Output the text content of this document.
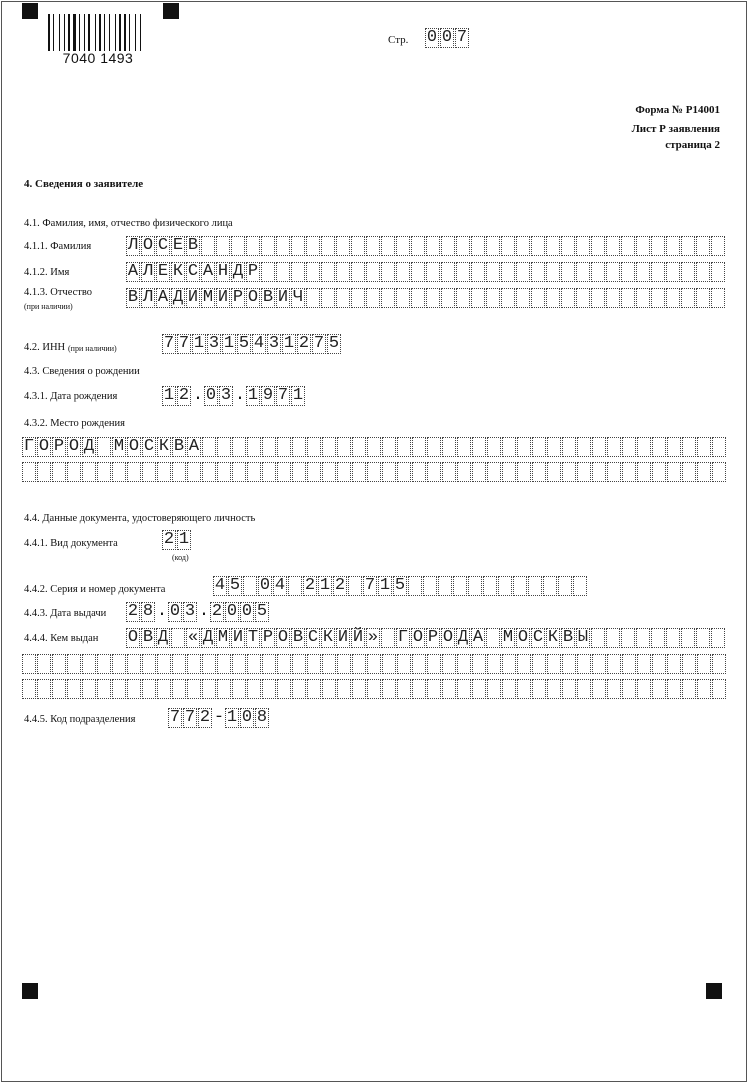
7040 1493
Стр. 0 0 7
Форма № Р14001
Лист Р заявления
страница 2
4. Сведения о заявителе
4.1. Фамилия, имя, отчество физического лица
4.1.1. Фамилия Л О С Е В
4.1.2. Имя	А Л Е К С А Н Д Р
4.1.3. Отчество
(при наличии)	В Л А Д И М И Р О В И Ч
4.2. ИНН (при наличии)	7 7 1 3 1 5 4 3 1 2 7 5
4.3. Сведения о рождении
4.3.1. Дата рождения	1 2 . 0 3 . 1 9 7 1
4.3.2. Место рождения
Г О Р О Д М О С К В А
4.4. Данные документа, удостоверяющего личность
4.4.1. Вид документа	2 1
(код)
4.4.2. Серия и номер документа	4 5 0 4 2 1 2 7 1 5
4.4.3. Дата выдачи 2 8 . 0 3 . 2 0 0 5
4.4.4. Кем выдан О В Д « Д М И Т Р О В С К И Й » Г О Р О Д А М О С К В Ы
4.4.5. Код подразделения 7 7 2 - 1 0 8
